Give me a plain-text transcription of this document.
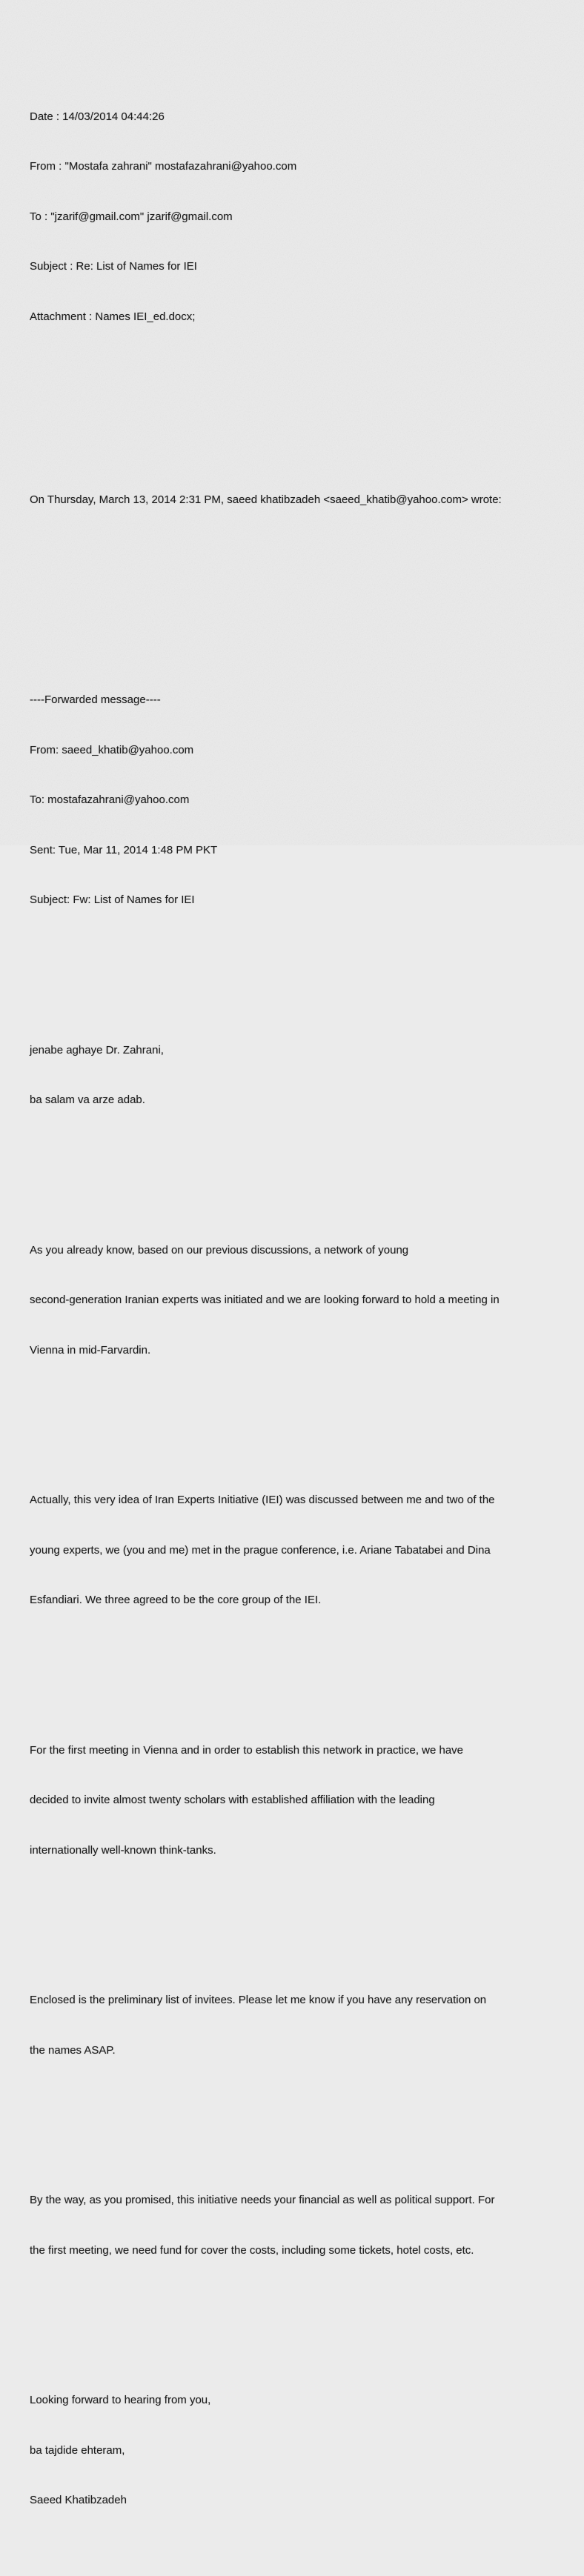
Date : 14/03/2014 04:44:26

From : "Mostafa zahrani" mostafazahrani@yahoo.com

To : "jzarif@gmail.com" jzarif@gmail.com

Subject : Re: List of Names for IEI

Attachment : Names IEI_ed.docx;

On Thursday, March 13, 2014 2:31 PM, saeed khatibzadeh <saeed_khatib@yahoo.com> wrote:

----Forwarded message----

From: saeed_khatib@yahoo.com

To: mostafazahrani@yahoo.com

Sent: Tue, Mar 11, 2014 1:48 PM PKT

Subject: Fw: List of Names for IEI

jenabe aghaye Dr. Zahrani,

ba salam va arze adab.

As you already know, based on our previous discussions, a network of young

second-generation Iranian experts was initiated and we are looking forward to hold a meeting in

Vienna in mid-Farvardin.

Actually, this very idea of Iran Experts Initiative (IEI) was discussed between me and two of the

young experts, we (you and me) met in the prague conference, i.e. Ariane Tabatabei and Dina

Esfandiari. We three agreed to be the core group of the IEI.

For the first meeting in Vienna and in order to establish this network in practice, we have

decided to invite almost twenty scholars with established affiliation with the leading

internationally well-known think-tanks.

Enclosed is the preliminary list of invitees. Please let me know if you have any reservation on

the names ASAP.

By the way, as you promised, this initiative needs your financial as well as political support. For

the first meeting, we need fund for cover the costs, including some tickets, hotel costs, etc.

Looking forward to hearing from you,

ba tajdide ehteram,

Saeed Khatibzadeh
